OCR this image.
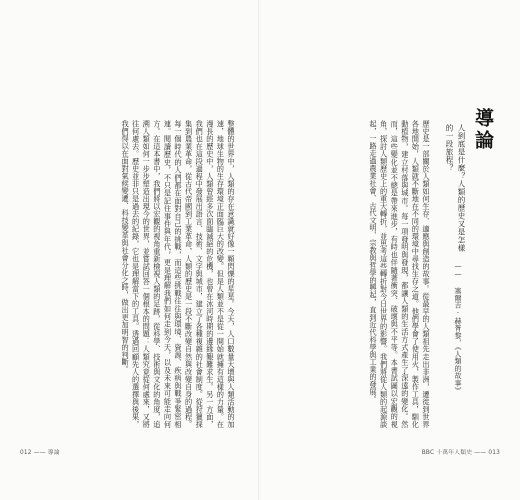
整體的世界中，人類的存在意識就好像一顆閃爍的星星。今天，人口數量大增與人類活動的加速，地球生物的生存環境正面臨巨大的改變。但是人類並不是從一開始就擁有這樣的力量。在漫長的歷史中，人類曾經多次面臨滅絕的危機，也曾在冰河時期的邊緣艱難求生。另一方面，我們也在這段過程中發展出語言、技術、文字與城市，建立了各種複雜的社會制度。從狩獵採集到農業革命，從古代帝國到工業革命，人類的歷史是一段不斷改變自然與改變自身的過程。每一個時代的人們都在面對自己的挑戰，而這些挑戰往往與環境、資源、疾病與戰爭緊密相連。閱讀歷史，不只是記住事件與年代，更是理解我們如何走到今天，以及未來可能走向何方。在這本書中，我們將以宏觀的視角重新檢視人類的足跡，從科學、技術與文化的角度，追溯人類如何一步步塑造出現今的世界，並嘗試回答一個根本的問題：人類究竟從何處來，又將往何處去。歷史並非只是過去的紀錄，它也是理解當下的工具。透過回顧先人的選擇與後果，我們得以在面對氣候變遷、科技變革與社會分化之時，做出更加明智的判斷。
012 —— 導論
導論
人到底是什麼？人類的歷史又是怎樣的一段旅程？
—— 塞爾吉·赫胥黎，《人類的故事》
歷史是一部關於人類如何生存、適應與創造的故事。從最早的人類祖先走出非洲，遷徙到世界各地開始，人類就不斷地在不同的環境中尋找生存之道。他們學會了使用火，製作工具，馴化動植物，建立村落與城市。每一項發明與發現，都讓人類的生活方式產生了深遠的變化。然而，這些變化並不總是帶來進步，有時也伴隨著衝突、破壞與不平等。本書試圖以宏觀的視角，探討人類歷史上的重大轉折，並思考這些轉折對今日世界的影響。我們將從人類的起源談起，一路走過農業社會、古代文明、宗教與哲學的興起，直到近代科學與工業的發展。
BBC 十萬年人類史 —— 013
